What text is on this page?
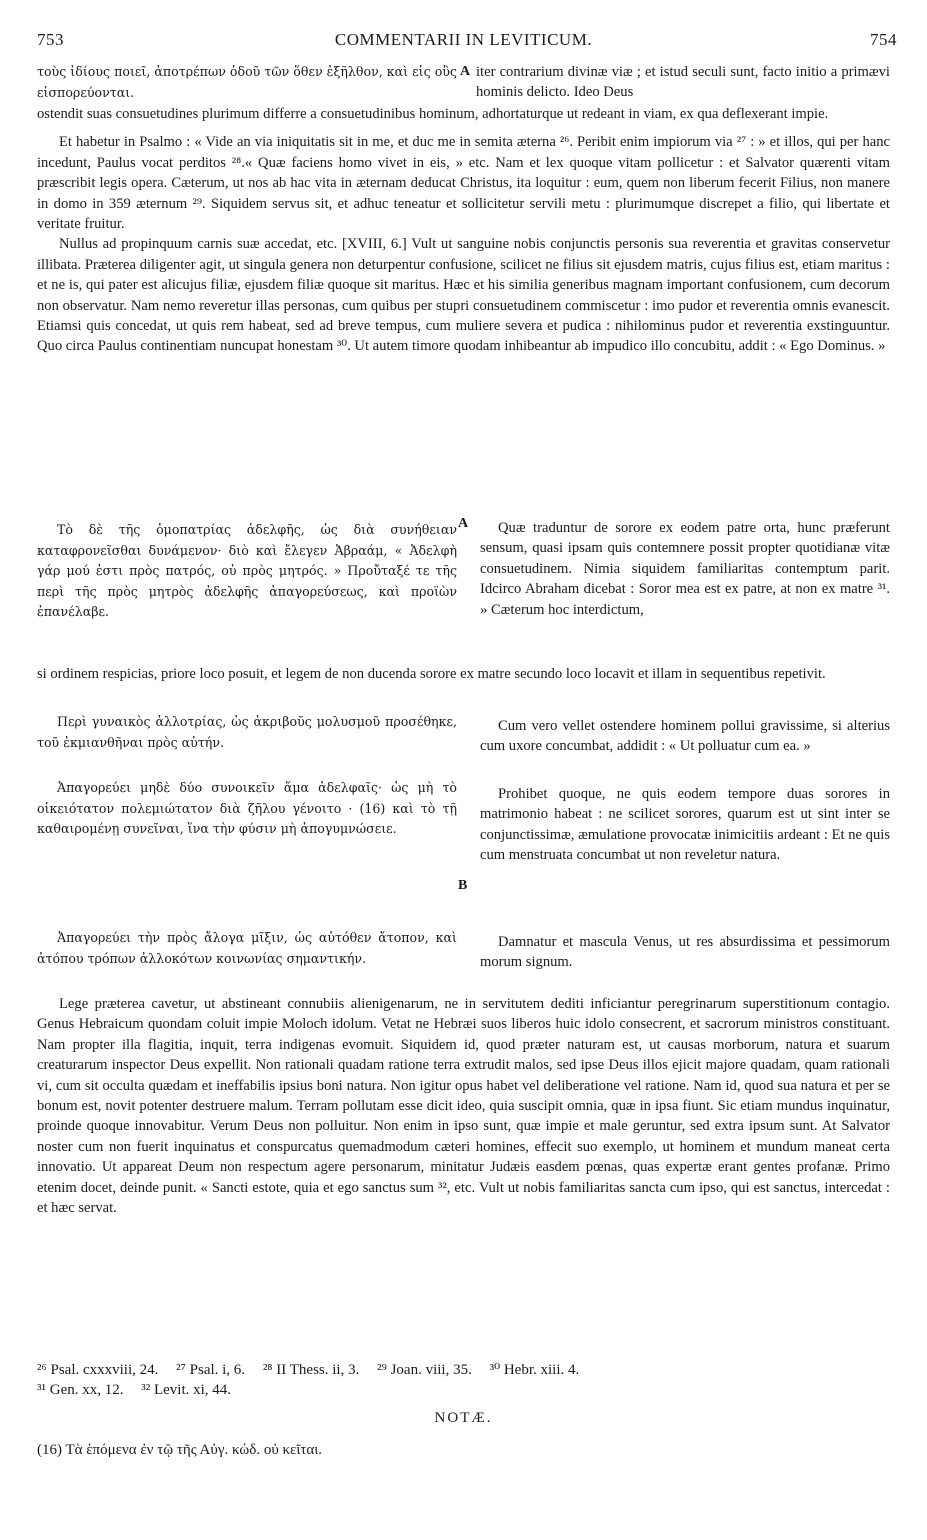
753	COMMENTARII IN LEVITICUM.	754

τοὺς ἰδίους ποιεῖ, ἀποτρέπων ὁδοῦ τῶν ὅθεν ἐξῆλθον, καὶ εἰς οὓς εἰσπορεύονται.

A iter contrarium divinæ viæ ; et istud seculi sunt, facto initio a primævi hominis delicto. Ideo Deus

ostendit suas consuetudines plurimum differre a consuetudinibus hominum, adhortaturque ut redeant in viam, ex qua deflexerant impie.

Et habetur in Psalmo : « Vide an via iniquitatis sit in me, et duc me in semita æterna ²⁶. Peribit enim impiorum via ²⁷ : » et illos, qui per hanc incedunt, Paulus vocat perditos ²⁸.« Quæ faciens homo vivet in eis, » etc. Nam et lex quoque vitam pollicetur : et Salvator quærenti vitam præscribit legis opera. Cæterum, ut nos ab hac vita in æternam deducat Christus, ita loquitur : eum, quem non liberum fecerit Filius, non manere in domo in 359 æternum ²⁹. Siquidem servus sit, et adhuc teneatur et sollicitetur servili metu : plurimumque discrepet a filio, qui libertate et veritate fruitur.

Nullus ad propinquum carnis suæ accedat, etc. [XVIII, 6.] Vult ut sanguine nobis conjunctis personis sua reverentia et gravitas conservetur illibata. Præterea diligenter agit, ut singula genera non deturpentur confusione, scilicet ne filius sit ejusdem matris, cujus filius est, etiam maritus : et ne is, qui pater est alicujus filiæ, ejusdem filiæ quoque sit maritus. Hæc et his similia generibus magnam important confusionem, cum decorum non observatur. Nam nemo reveretur illas personas, cum quibus per stupri consuetudinem commiscetur : imo pudor et reverentia omnis evanescit. Etiamsi quis concedat, ut quis rem habeat, sed ad breve tempus, cum muliere severa et pudica : nihilominus pudor et reverentia exstinguuntur. Quo circa Paulus continentiam nuncupat honestam ³⁰. Ut autem timore quodam inhibeantur ab impudico illo concubitu, addit : « Ego Dominus. »

Τὸ δὲ τῆς ὁμοπατρίας ἀδελφῆς, ὡς διὰ συνήθειαν καταφρονεῖσθαι δυνάμενον· διὸ καὶ ἔλεγεν Ἀβραάμ, « Ἀδελφὴ γάρ μού ἐστι πρὸς πατρός, οὐ πρὸς μητρός. » Προὔταξέ τε τῆς περὶ τῆς πρὸς μητρὸς ἀδελφῆς ἀπαγορεύσεως, καὶ προϊὼν ἐπανέλαβε.

A	Quæ traduntur de sorore ex eodem patre orta, hunc præferunt sensum, quasi ipsam quis contemnere possit propter quotidianæ vitæ consuetudinem. Nimia siquidem familiaritas contemptum parit. Idcirco Abraham dicebat : Soror mea est ex patre, at non ex matre ³¹. » Cæterum hoc interdictum,

si ordinem respicias, priore loco posuit, et legem de non ducenda sorore ex matre secundo loco locavit et illam in sequentibus repetivit.

Περὶ γυναικὸς ἀλλοτρίας, ὡς ἀκριβοῦς μολυσμοῦ προσέθηκε, τοῦ ἐκμιανθῆναι πρὸς αὐτήν.

Cum vero vellet ostendere hominem pollui gravissime, si alterius cum uxore concumbat, addidit : « Ut polluatur cum ea. »

Ἀπαγορεύει μηδὲ δύο συνοικεῖν ἅμα ἀδελφαῖς· ὡς μὴ τὸ οἰκειότατον πολεμιώτατον διὰ ζῆλου γένοιτο · (16) καὶ τὸ τῇ καθαιρομένῃ συνεῖναι, ἵνα τὴν φύσιν μὴ ἀπογυμνώσειε.

Prohibet quoque, ne quis eodem tempore duas sorores in matrimonio habeat : ne scilicet sorores, quarum est ut sint inter se conjunctissimæ, æmulatione provocatæ inimicitiis ardeant : Et ne quis cum menstruata concumbat ut non reveletur natura.

B

Ἀπαγορεύει τὴν πρὸς ἄλογα μῖξιν, ὡς αὐτόθεν ἄτοπον, καὶ ἀτόπου τρόπων ἀλλοκότων κοινωνίας σημαντικήν.

Damnatur et mascula Venus, ut res absurdissima et pessimorum morum signum.

Lege præterea cavetur, ut abstineant connubiis alienigenarum, ne in servitutem dediti inficiantur peregrinarum superstitionum contagio. Genus Hebraicum quondam coluit impie Moloch idolum. Vetat ne Hebræi suos liberos huic idolo consecrent, et sacrorum ministros constituant. Nam propter illa flagitia, inquit, terra indigenas evomuit. Siquidem id, quod præter naturam est, ut causas morborum, natura et suarum creaturarum inspector Deus expellit. Non rationali quadam ratione terra extrudit malos, sed ipse Deus illos ejicit majore quadam, quam rationali vi, cum sit occulta quædam et ineffabilis ipsius boni natura. Non igitur opus habet vel deliberatione vel ratione. Nam id, quod sua natura et per se bonum est, novit potenter destruere malum. Terram pollutam esse dicit ideo, quia suscipit omnia, quæ in ipsa fiunt. Sic etiam mundus inquinatur, proinde quoque innovabitur. Verum Deus non polluitur. Non enim in ipso sunt, quæ impie et male geruntur, sed extra ipsum sunt. At Salvator noster cum non fuerit inquinatus et conspurcatus quemadmodum cæteri homines, effecit suo exemplo, ut hominem et mundum maneat certa innovatio. Ut appareat Deum non respectum agere personarum, minitatur Judæis easdem pœnas, quas expertæ erant gentes profanæ. Primo etenim docet, deinde punit. « Sancti estote, quia et ego sanctus sum ³², etc. Vult ut nobis familiaritas sancta cum ipso, qui est sanctus, intercedat : et hæc servat.

²⁶ Psal. cxxxviii, 24. ²⁷ Psal. i, 6. ²⁸ II Thess. ii, 3. ²⁹ Joan. viii, 35. ³⁰ Hebr. xiii. 4.
³¹ Gen. xx, 12. ³² Levit. xi, 44.
NOTÆ.
(16) Τὰ ἑπόμενα ἐν τῷ τῆς Αὐγ. κώδ. οὐ κεῖται.
